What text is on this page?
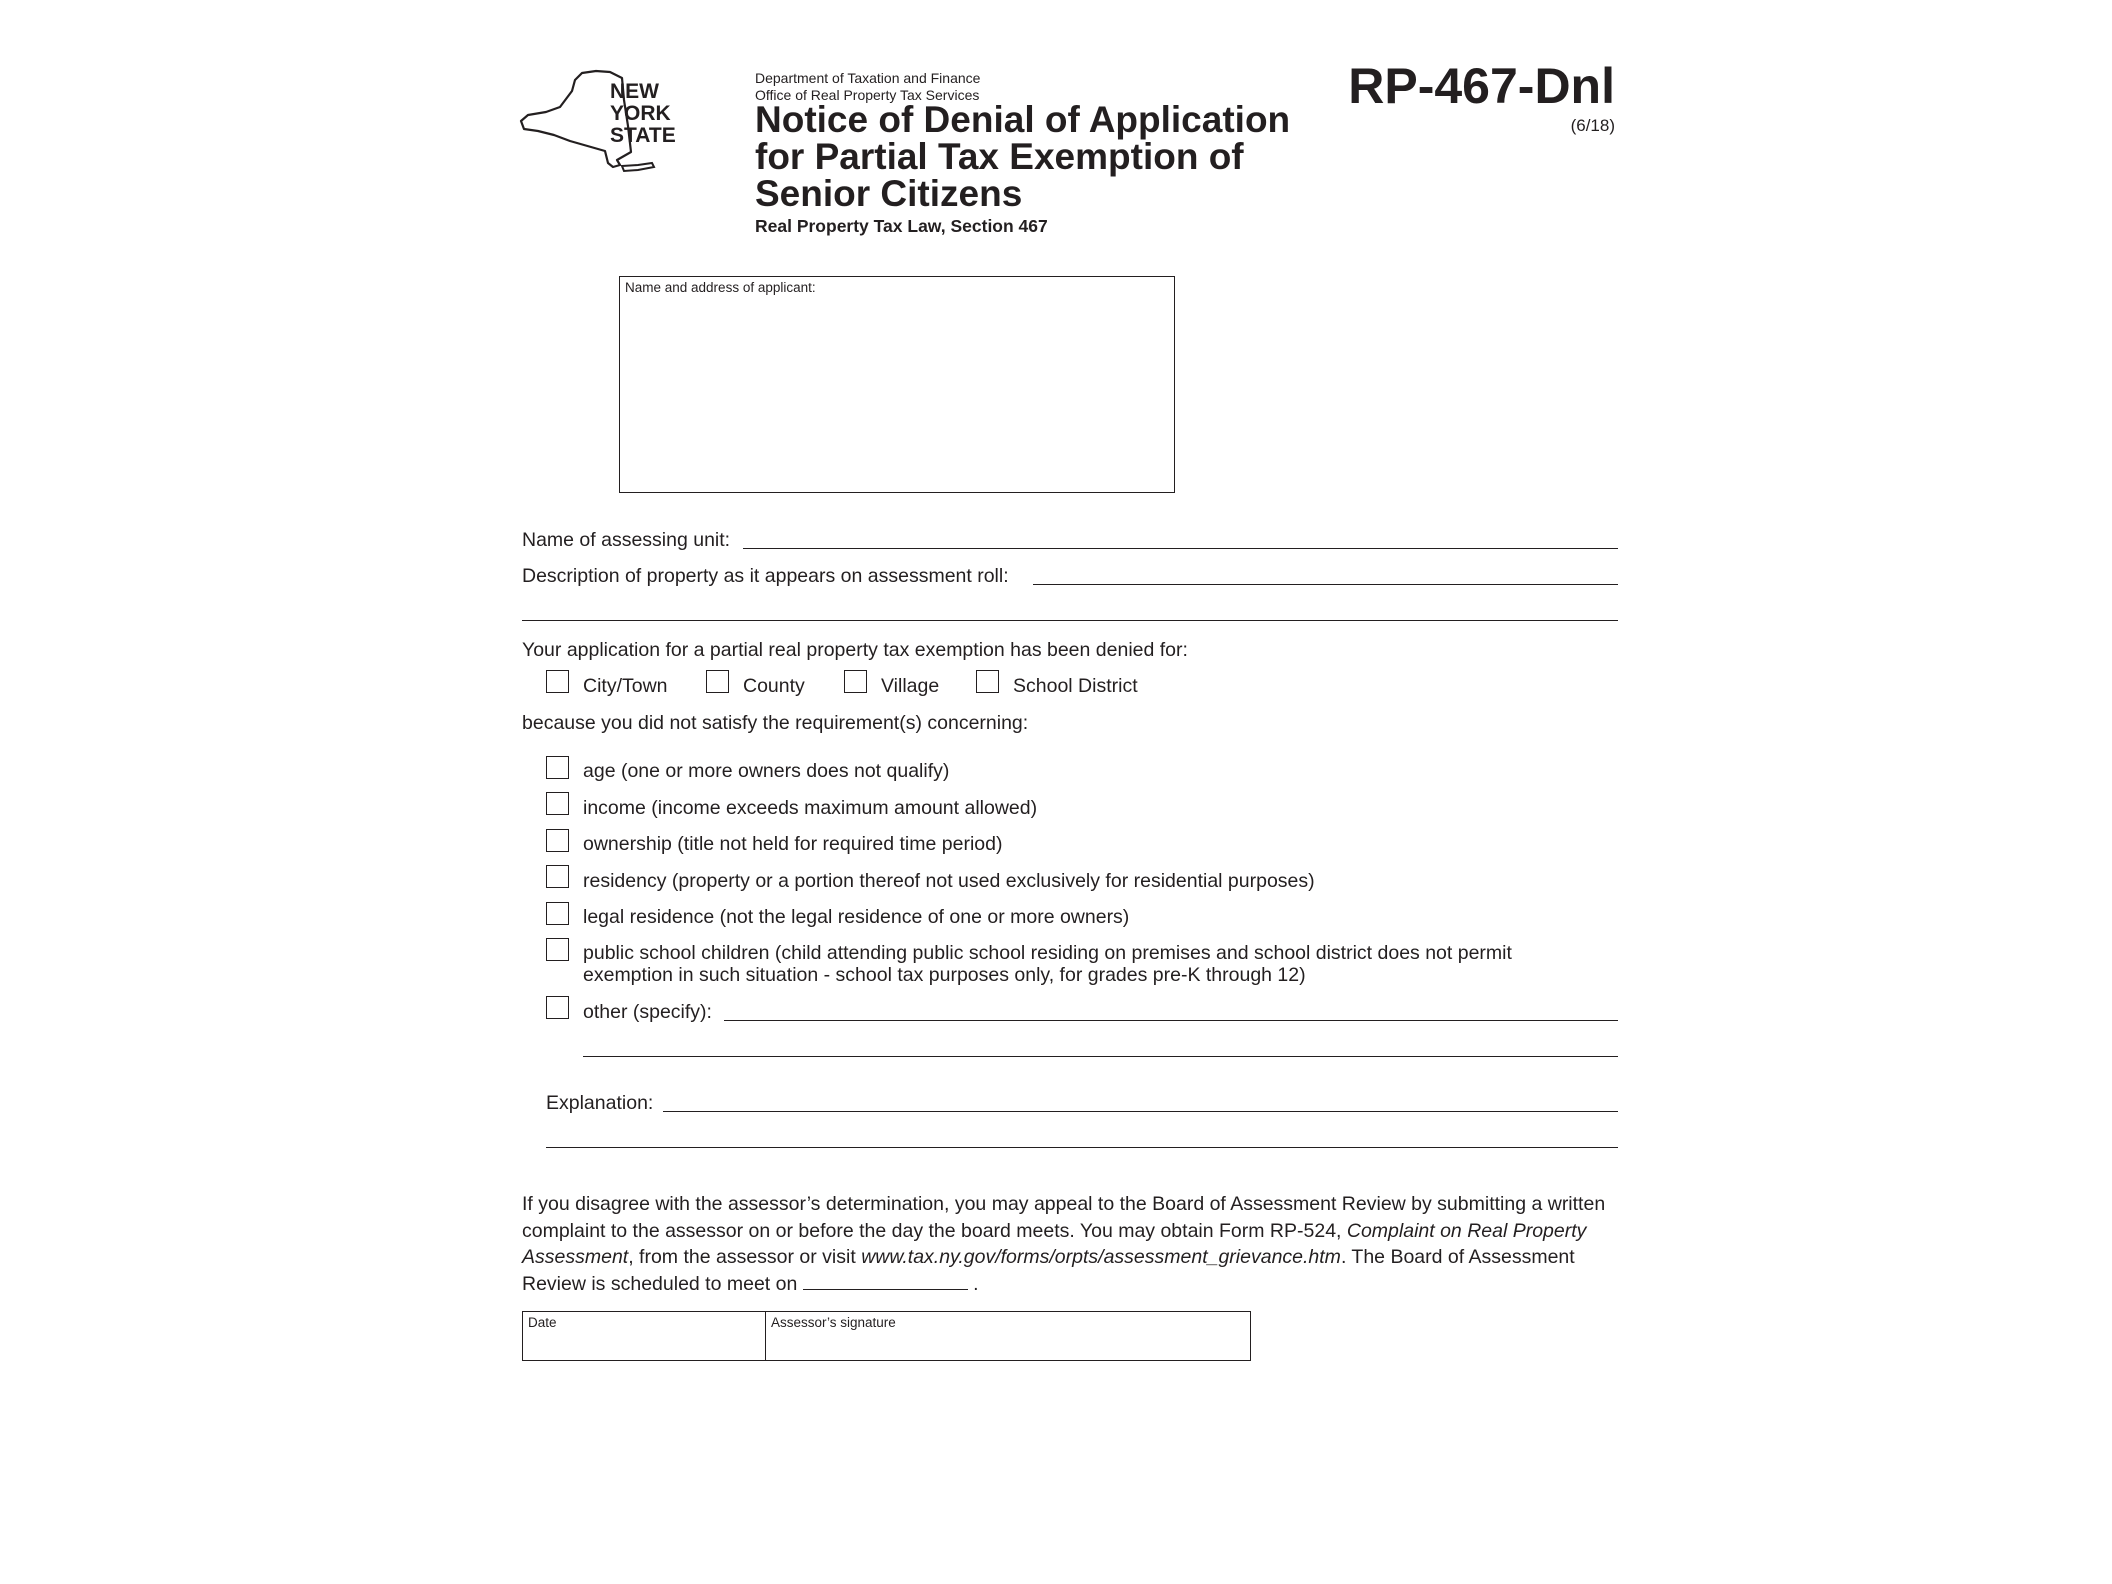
NEW
YORK
STATE
Department of Taxation and Finance
Office of Real Property Tax Services
Notice of Denial of Application
for Partial Tax Exemption of
Senior Citizens
Real Property Tax Law, Section 467
RP-467-Dnl
(6/18)
Name and address of applicant:
Name of assessing unit:
Description of property as it appears on assessment roll:
Your application for a partial real property tax exemption has been denied for:
City/Town	County	Village	School District
because you did not satisfy the requirement(s) concerning:
age (one or more owners does not qualify)
income (income exceeds maximum amount allowed)
ownership (title not held for required time period)
residency (property or a portion thereof not used exclusively for residential purposes)
legal residence (not the legal residence of one or more owners)
public school children (child attending public school residing on premises and school district does not permit
exemption in such situation - school tax purposes only, for grades pre-K through 12)
other (specify):
Explanation:
If you disagree with the assessor’s determination, you may appeal to the Board of Assessment Review by submitting a written complaint to the assessor on or before the day the board meets. You may obtain Form RP-524, Complaint on Real Property Assessment, from the assessor or visit www.tax.ny.gov/forms/orpts/assessment_grievance.htm. The Board of Assessment Review is scheduled to meet on	.
Date	Assessor’s signature
